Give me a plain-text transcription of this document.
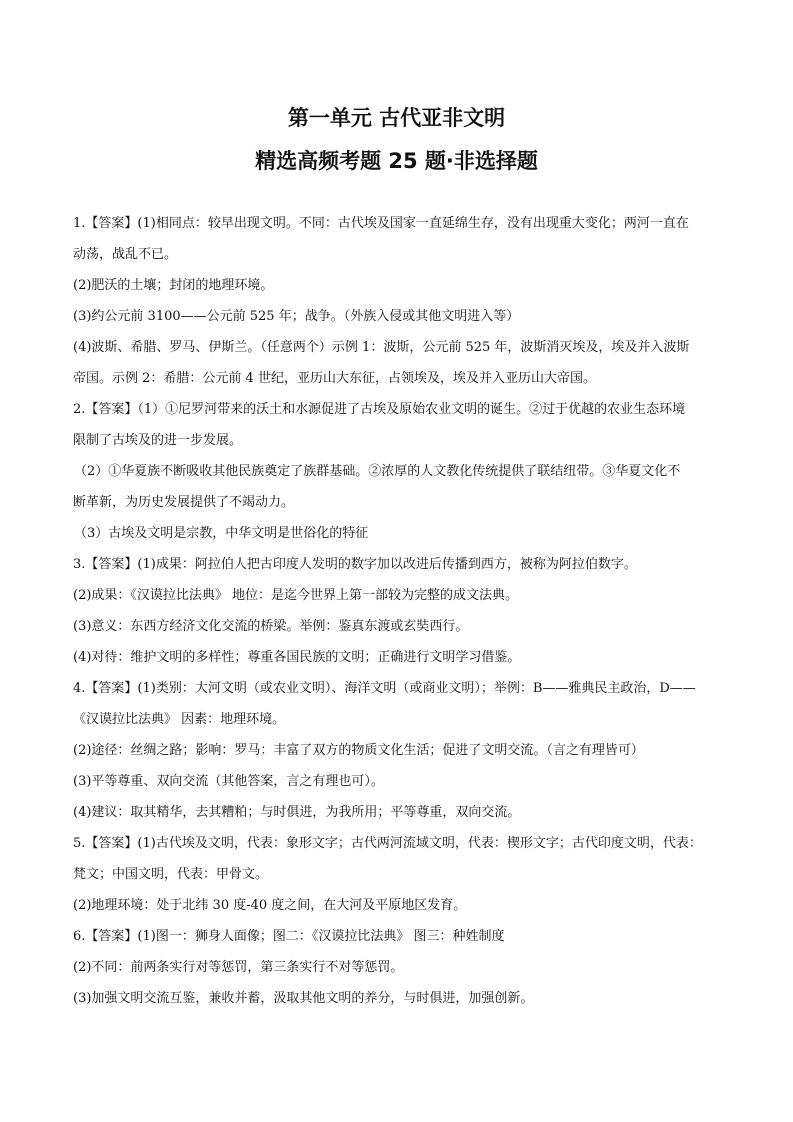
第一单元 古代亚非文明
精选高频考题 25 题·非选择题
1.【答案】(1)相同点：较早出现文明。不同：古代埃及国家一直延绵生存，没有出现重大变化；两河一直在
动荡，战乱不已。
(2)肥沃的土壤；封闭的地理环境。
(3)约公元前 3100——公元前 525 年；战争。（外族入侵或其他文明进入等）
(4)波斯、希腊、罗马、伊斯兰。（任意两个）示例 1：波斯，公元前 525 年，波斯消灭埃及，埃及并入波斯
帝国。示例 2：希腊：公元前 4 世纪，亚历山大东征，占领埃及，埃及并入亚历山大帝国。
2.【答案】（1）①尼罗河带来的沃土和水源促进了古埃及原始农业文明的诞生。②过于优越的农业生态环境
限制了古埃及的进一步发展。
（2）①华夏族不断吸收其他民族奠定了族群基础。②浓厚的人文教化传统提供了联结纽带。③华夏文化不
断革新，为历史发展提供了不竭动力。
（3）古埃及文明是宗教，中华文明是世俗化的特征
3.【答案】(1)成果：阿拉伯人把古印度人发明的数字加以改进后传播到西方，被称为阿拉伯数字。
(2)成果：《汉谟拉比法典》 地位：是迄今世界上第一部较为完整的成文法典。
(3)意义：东西方经济文化交流的桥梁。举例：鉴真东渡或玄奘西行。
(4)对待：维护文明的多样性；尊重各国民族的文明；正确进行文明学习借鉴。
4.【答案】(1)类别：大河文明（或农业文明）、海洋文明（或商业文明）；举例：B——雅典民主政治，D——
《汉谟拉比法典》 因素：地理环境。
(2)途径：丝绸之路；影响：罗马：丰富了双方的物质文化生活；促进了文明交流。（言之有理皆可）
(3)平等尊重、双向交流（其他答案，言之有理也可）。
(4)建议：取其精华，去其糟粕；与时俱进，为我所用；平等尊重，双向交流。
5.【答案】(1)古代埃及文明，代表：象形文字；古代两河流域文明，代表：楔形文字；古代印度文明，代表：
梵文；中国文明，代表：甲骨文。
(2)地理环境：处于北纬 30 度-40 度之间，在大河及平原地区发育。
6.【答案】(1)图一：狮身人面像；图二：《汉谟拉比法典》 图三：种姓制度
(2)不同：前两条实行对等惩罚，第三条实行不对等惩罚。
(3)加强文明交流互鉴，兼收并蓄，汲取其他文明的养分，与时俱进，加强创新。
